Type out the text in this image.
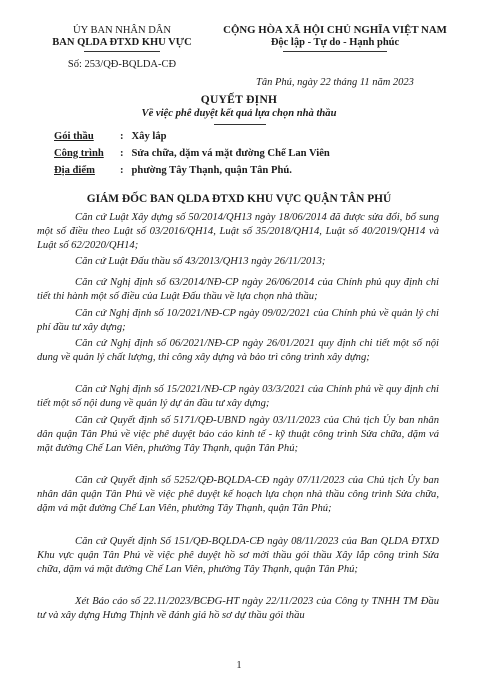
ỦY BAN NHÂN DÂN
BAN QLDA ĐTXD KHU VỰC
Số: 253/QĐ-BQLDA-CĐ
CỘNG HÒA XÃ HỘI CHỦ NGHĨA VIỆT NAM
Độc lập - Tự do - Hạnh phúc
Tân Phú, ngày 22 tháng 11 năm 2023
QUYẾT ĐỊNH
Về việc phê duyệt kết quả lựa chọn nhà thầu
Gói thầu : Xây lắp
Công trình : Sửa chữa, dặm vá mặt đường Chế Lan Viên
Địa điểm : phường Tây Thạnh, quận Tân Phú.
GIÁM ĐỐC BAN QLDA ĐTXD KHU VỰC QUẬN TÂN PHÚ
Căn cứ Luật Xây dựng số 50/2014/QH13 ngày 18/06/2014 đã được sửa đổi, bổ sung một số điều theo Luật số 03/2016/QH14, Luật số 35/2018/QH14, Luật số 40/2019/QH14 và Luật số 62/2020/QH14;
Căn cứ Luật Đấu thầu số 43/2013/QH13 ngày 26/11/2013;
Căn cứ Nghị định số 63/2014/NĐ-CP ngày 26/06/2014 của Chính phủ quy định chi tiết thi hành một số điều của Luật Đấu thầu về lựa chọn nhà thầu;
Căn cứ Nghị định số 10/2021/NĐ-CP ngày 09/02/2021 của Chính phủ về quản lý chi phí đầu tư xây dựng;
Căn cứ Nghị định số 06/2021/NĐ-CP ngày 26/01/2021 quy định chi tiết một số nội dung về quản lý chất lượng, thi công xây dựng và bảo trì công trình xây dựng;
Căn cứ Nghị định số 15/2021/NĐ-CP ngày 03/3/2021 của Chính phủ về quy định chi tiết một số nội dung về quản lý dự án đầu tư xây dựng;
Căn cứ Quyết định số 5171/QĐ-UBND ngày 03/11/2023 của Chủ tịch Ủy ban nhân dân quận Tân Phú về việc phê duyệt báo cáo kinh tế - kỹ thuật công trình Sửa chữa, dặm vá mặt đường Chế Lan Viên, phường Tây Thạnh, quận Tân Phú;
Căn cứ Quyết định số 5252/QĐ-BQLDA-CĐ ngày 07/11/2023 của Chủ tịch Ủy ban nhân dân quận Tân Phú về việc phê duyệt kế hoạch lựa chọn nhà thầu công trình Sửa chữa, dặm vá mặt đường Chế Lan Viên, phường Tây Thạnh, quận Tân Phú;
Căn cứ Quyết định Số 151/QĐ-BQLDA-CĐ ngày 08/11/2023 của Ban QLDA ĐTXD Khu vực quận Tân Phú về việc phê duyệt hồ sơ mời thầu gói thầu Xây lắp công trình Sửa chữa, dặm vá mặt đường Chế Lan Viên, phường Tây Thạnh, quận Tân Phú;
Xét Báo cáo số 22.11/2023/BCĐG-HT ngày 22/11/2023 của Công ty TNHH TM Đầu tư và xây dựng Hưng Thịnh về đánh giá hồ sơ dự thầu gói thầu
1
